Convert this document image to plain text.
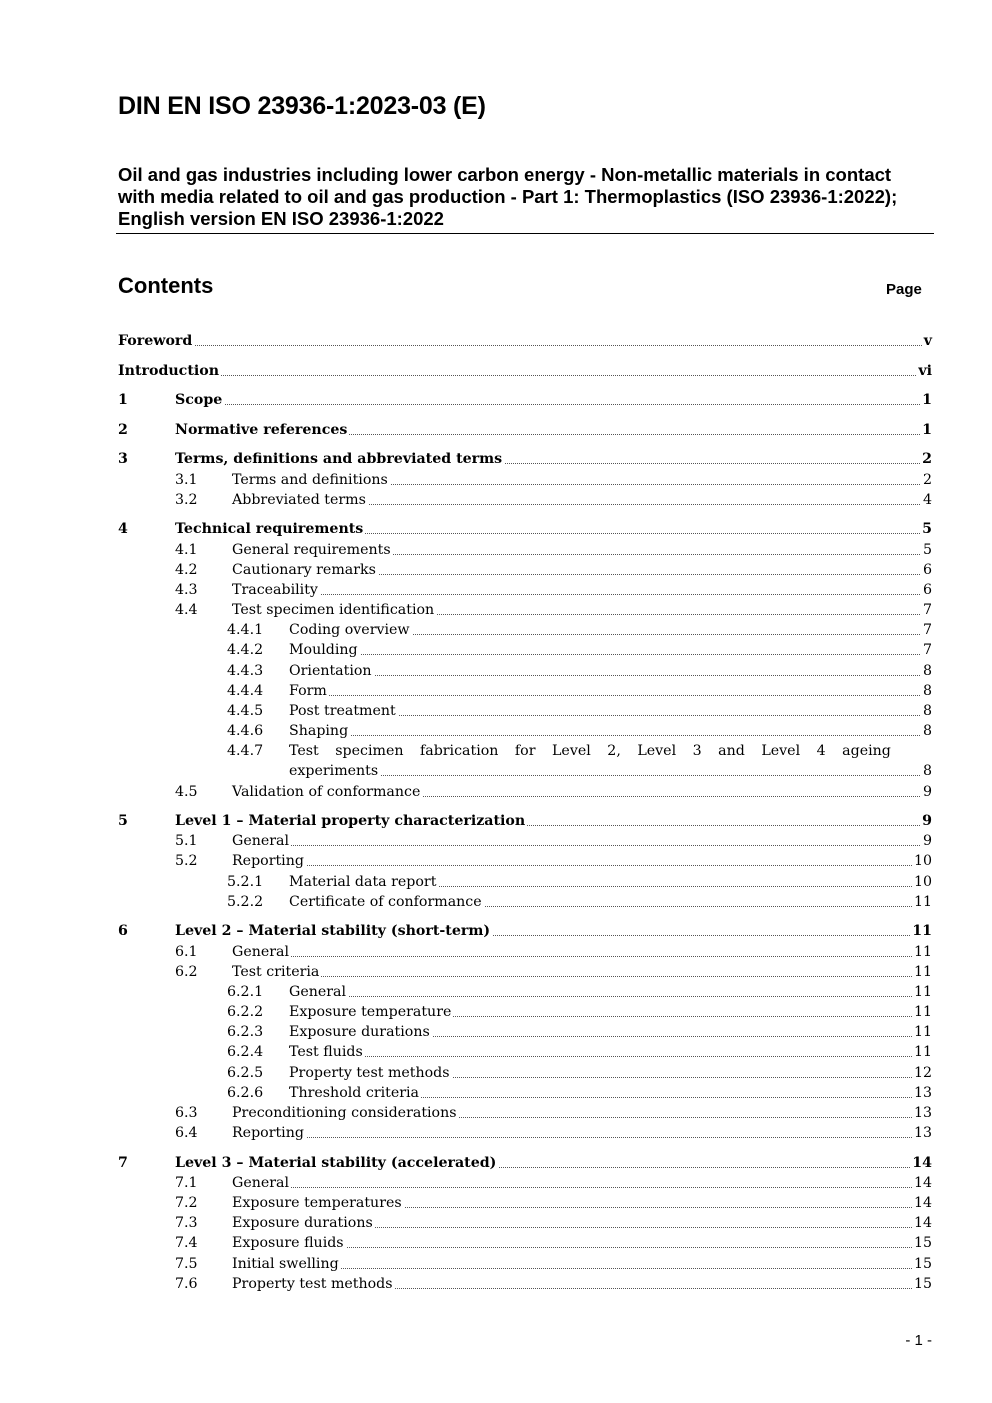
DIN EN ISO 23936-1:2023-03 (E)
Oil and gas industries including lower carbon energy - Non-metallic materials in contact with media related to oil and gas production - Part 1: Thermoplastics (ISO 23936-1:2022); English version EN ISO 23936-1:2022
Contents	Page
Foreword	v
Introduction	vi
1	Scope	1
2	Normative references	1
3	Terms, definitions and abbreviated terms	2
3.1 Terms and definitions	2
3.2 Abbreviated terms	4
4	Technical requirements	5
4.1 General requirements	5
4.2 Cautionary remarks	6
4.3 Traceability	6
4.4 Test specimen identification	7
4.4.1 Coding overview	7
4.4.2 Moulding	7
4.4.3 Orientation	8
4.4.4 Form	8
4.4.5 Post treatment	8
4.4.6 Shaping	8
4.4.7 Test specimen fabrication for Level 2, Level 3 and Level 4 ageing
experiments	8
4.5 Validation of conformance	9
5	Level 1 – Material property characterization	9
5.1 General	9
5.2 Reporting	10
5.2.1 Material data report	10
5.2.2 Certificate of conformance	11
6	Level 2 – Material stability (short-term)	11
6.1 General	11
6.2 Test criteria	11
6.2.1 General	11
6.2.2 Exposure temperature	11
6.2.3 Exposure durations	11
6.2.4 Test fluids	11
6.2.5 Property test methods	12
6.2.6 Threshold criteria	13
6.3 Preconditioning considerations	13
6.4 Reporting	13
7	Level 3 – Material stability (accelerated)	14
7.1 General	14
7.2 Exposure temperatures	14
7.3 Exposure durations	14
7.4 Exposure fluids	15
7.5 Initial swelling	15
7.6 Property test methods	15
- 1 -
